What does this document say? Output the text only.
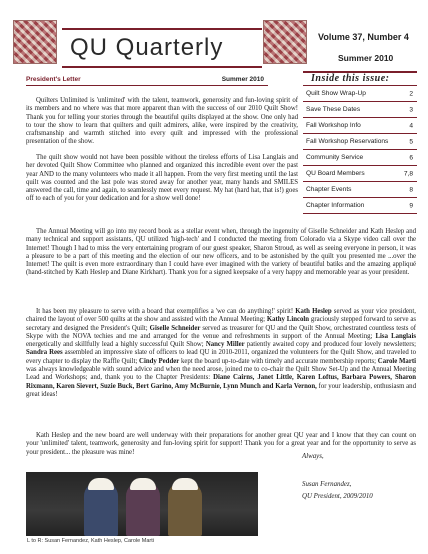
QU Quarterly	Volume 37, Number 4
Summer 2010
President's Letter	Summer 2010	Inside this issue:
Quilt Show Wrap-Up	2
Save These Dates	3
Fall Workshop Info	4
Fall Workshop Reservations	5
Community Service	6
QU Board Members	7,8
Chapter Events	8
Chapter Information	9

Quilters Unlimited is 'unlimited' with the talent, teamwork, generosity and fun-loving spirit of its members and no where was that more apparent than with the success of our 2010 Quilt Show! Thank you for telling your stories through the beautiful quilts displayed at the show. One only had to tour the show to learn that quilters and quilt admirers, alike, were inspired by the creativity, craftsmanship and warmth stitched into every quilt and impressed with the professional presentation of the show.

The quilt show would not have been possible without the tireless efforts of Lisa Langlais and her devoted Quilt Show Committee who planned and organized this incredible event over the past year AND to the many volunteers who made it all happen. From the very first meeting until the last quilt was counted and the last pole was stored away for another year, many hands and SMILES answered the call, time and again, to seamlessly meet every request. My hat (hard hat, that is!) goes off to each of you for your dedication and for a show well done!

The Annual Meeting will go into my record book as a stellar event when, through the ingenuity of Giselle Schneider and Kath Heslep and many technical and support assistants, QU utilized 'high-tech' and I conducted the meeting from Colorado via a Skype video call over the Internet! Though I had to miss the very entertaining program of our guest speaker, Sharon Stroud, as well as seeing everyone in person, it was a pleasure to be a part of this meeting and the election of our new officers, and to be astonished by the quilt you presented me ...over the Internet! The quilt is even more extraordinary than I could have ever imagined with the variety of beautiful batiks and the amazing appliqué (hand-stitched by Kath Heslep and Diane Kirkhart). Thank you for a signed keepsake of a very happy and memorable year as your president.

It has been my pleasure to serve with a board that exemplifies a 'we can do anything!' spirit! Kath Heslep served as your vice president, chaired the layout of over 500 quilts at the show and assisted with the Annual Meeting; Kathy Lincoln graciously stepped forward to serve as secretary and designed the President's Quilt; Giselle Schneider served as treasurer for QU and the Quilt Show, orchestrated countless tests of Skype with the NOVA techies and me and arranged for the venue and refreshments in support of the Annual Meeting; Lisa Langlais energetically and skillfully lead a highly successful Quilt Show; Nancy Miller patiently awaited copy and produced four lovely newsletters; Sandra Rees assembled an impressive slate of officers to lead QU in 2010-2011, organized the volunteers for the Quilt Show, and traveled to every chapter to display the Raffle Quilt; Cindy Pedder kept the board up-to-date with timely and accurate membership reports; Carole Marti was always knowledgeable with sound advice and when the need arose, joined me to co-chair the Quilt Show Set-Up and the Annual Meeting Lead and Workshops; and, thank you to the Chapter Presidents: Diane Cairns, Janet Little, Karen Loftus, Barbara Powers, Sharon Rixmann, Karen Sievert, Suzie Buck, Bert Garino, Amy McBurnie, Lynn Munch and Karla Vernon, for your leadership, enthusiasm and great ideas!

Kath Heslep and the new board are well underway with their preparations for another great QU year and I know that they can count on your 'unlimited' talent, teamwork, generosity and fun-loving spirit for support! Thank you for a great year and for the opportunity to serve as your president... the pleasure was mine!

Always,
Susan Fernandez,
QU President, 2009/2010
L to R: Susan Fernandez, Kath Heslep, Carole Marti
